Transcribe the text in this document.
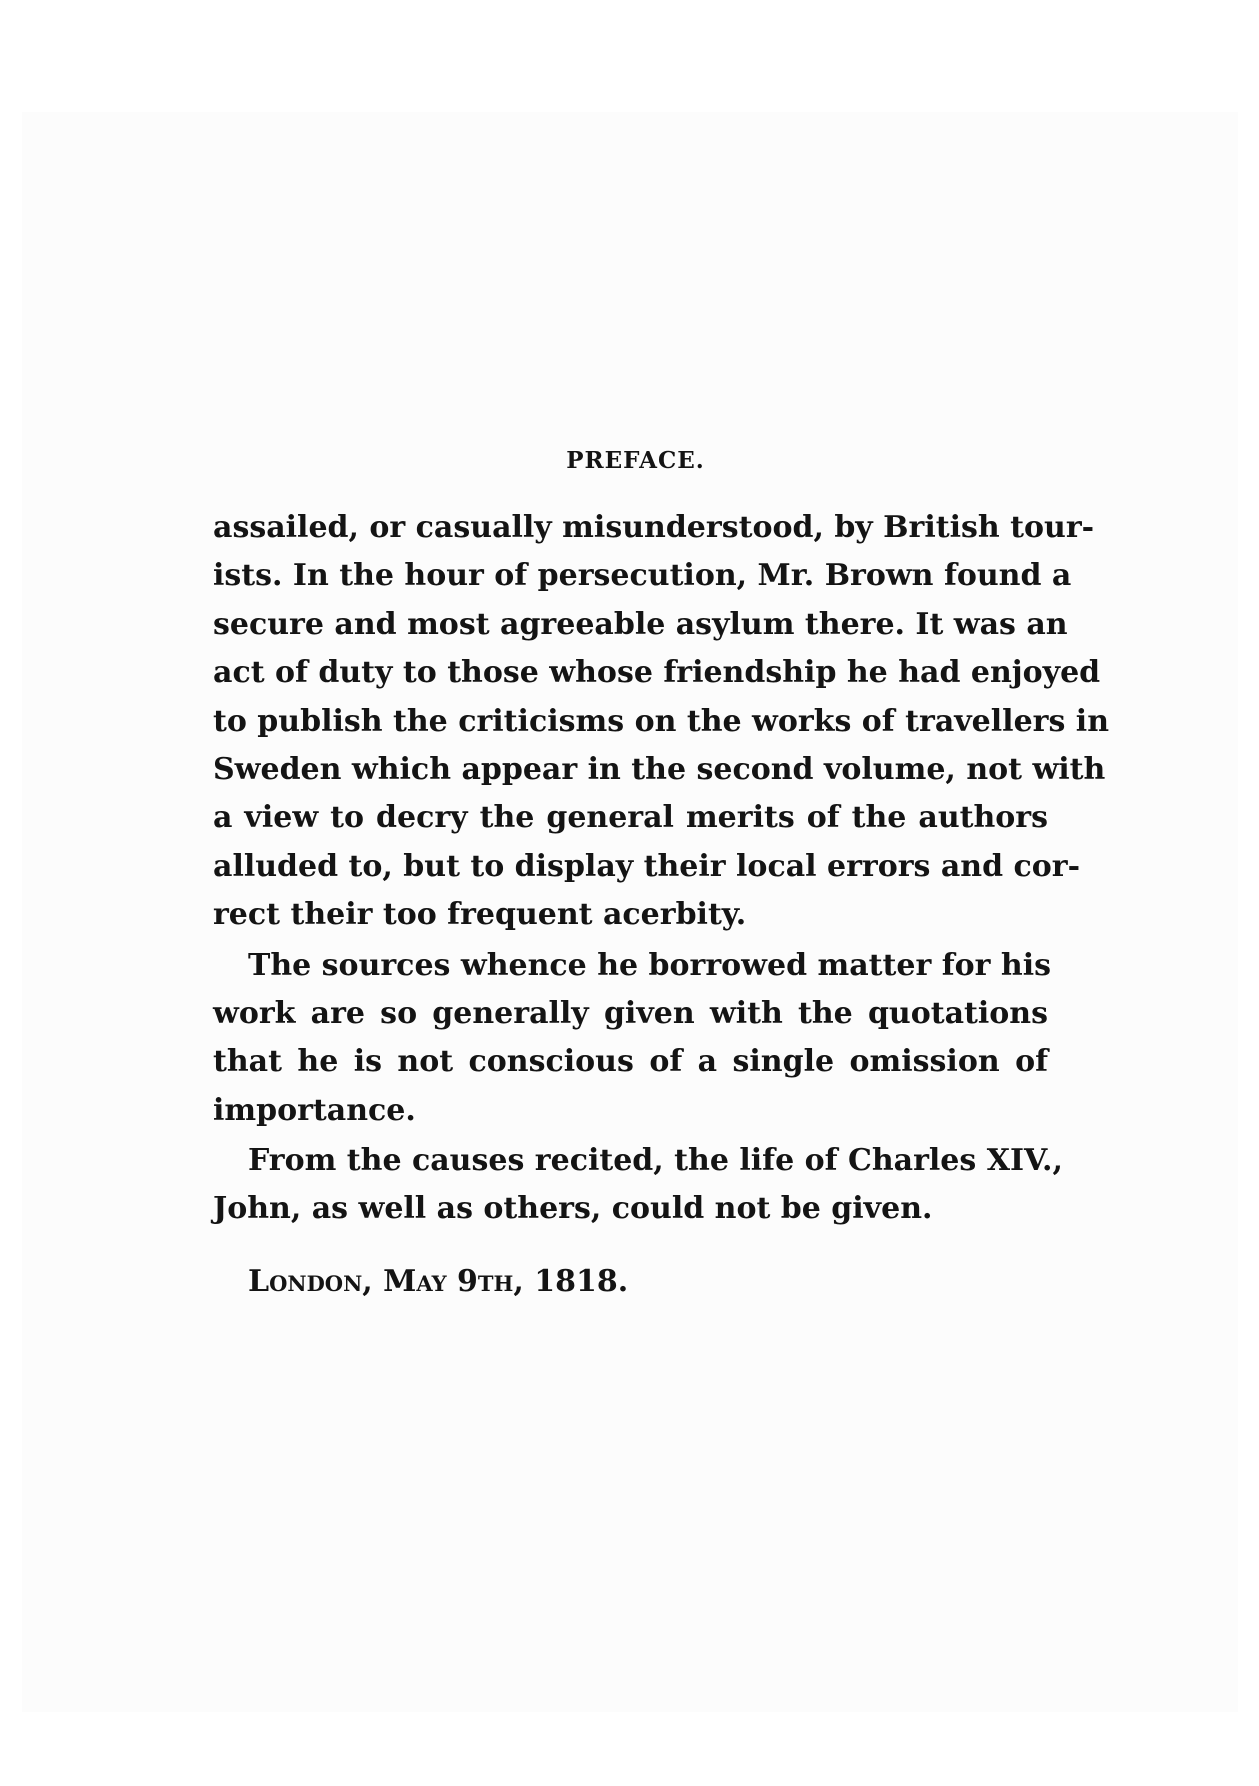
PREFACE.
assailed, or casually misunderstood, by British tour-
ists. In the hour of persecution, Mr. Brown found a
secure and most agreeable asylum there. It was an
act of duty to those whose friendship he had enjoyed
to publish the criticisms on the works of travellers in
Sweden which appear in the second volume, not with
a view to decry the general merits of the authors
alluded to, but to display their local errors and cor-
rect their too frequent acerbity.
The sources whence he borrowed matter for his
work are so generally given with the quotations
that he is not conscious of a single omission of
importance.
From the causes recited, the life of Charles XIV.,
John, as well as others, could not be given.
London, May 9th, 1818.
